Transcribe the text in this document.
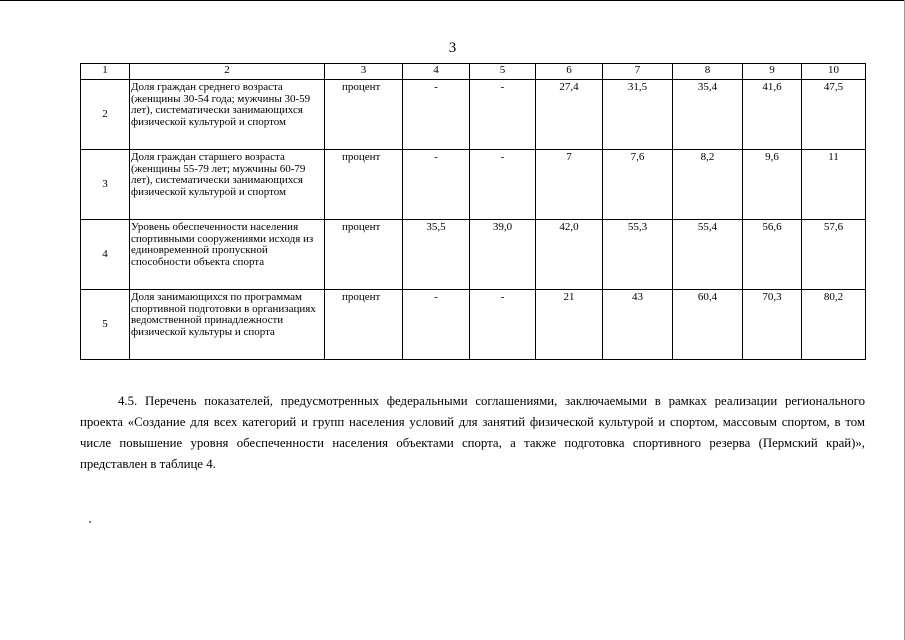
3
1	2	3	4	5	6	7	8	9	10
2	Доля граждан среднего возраста (женщины 30-54 года; мужчины 30-59 лет), систематически занимающихся физической культурой и спортом	процент	-	-	27,4	31,5	35,4	41,6	47,5
3	Доля граждан старшего возраста (женщины 55-79 лет; мужчины 60-79 лет), систематически занимающихся физической культурой и спортом	процент	-	-	7	7,6	8,2	9,6	11
4	Уровень обеспеченности населения спортивными сооружениями исходя из единовременной пропускной способности объекта спорта	процент	35,5	39,0	42,0	55,3	55,4	56,6	57,6
5	Доля занимающихся по программам спортивной подготовки в организациях ведомственной принадлежности физической культуры и спорта	процент	-	-	21	43	60,4	70,3	80,2

4.5. Перечень показателей, предусмотренных федеральными соглашениями, заключаемыми в рамках реализации регионального проекта «Создание для всех категорий и групп населения условий для занятий физической культурой и спортом, массовым спортом, в том числе повышение уровня обеспеченности населения объектами спорта, а также подготовка спортивного резерва (Пермский край)», представлен в таблице 4.
